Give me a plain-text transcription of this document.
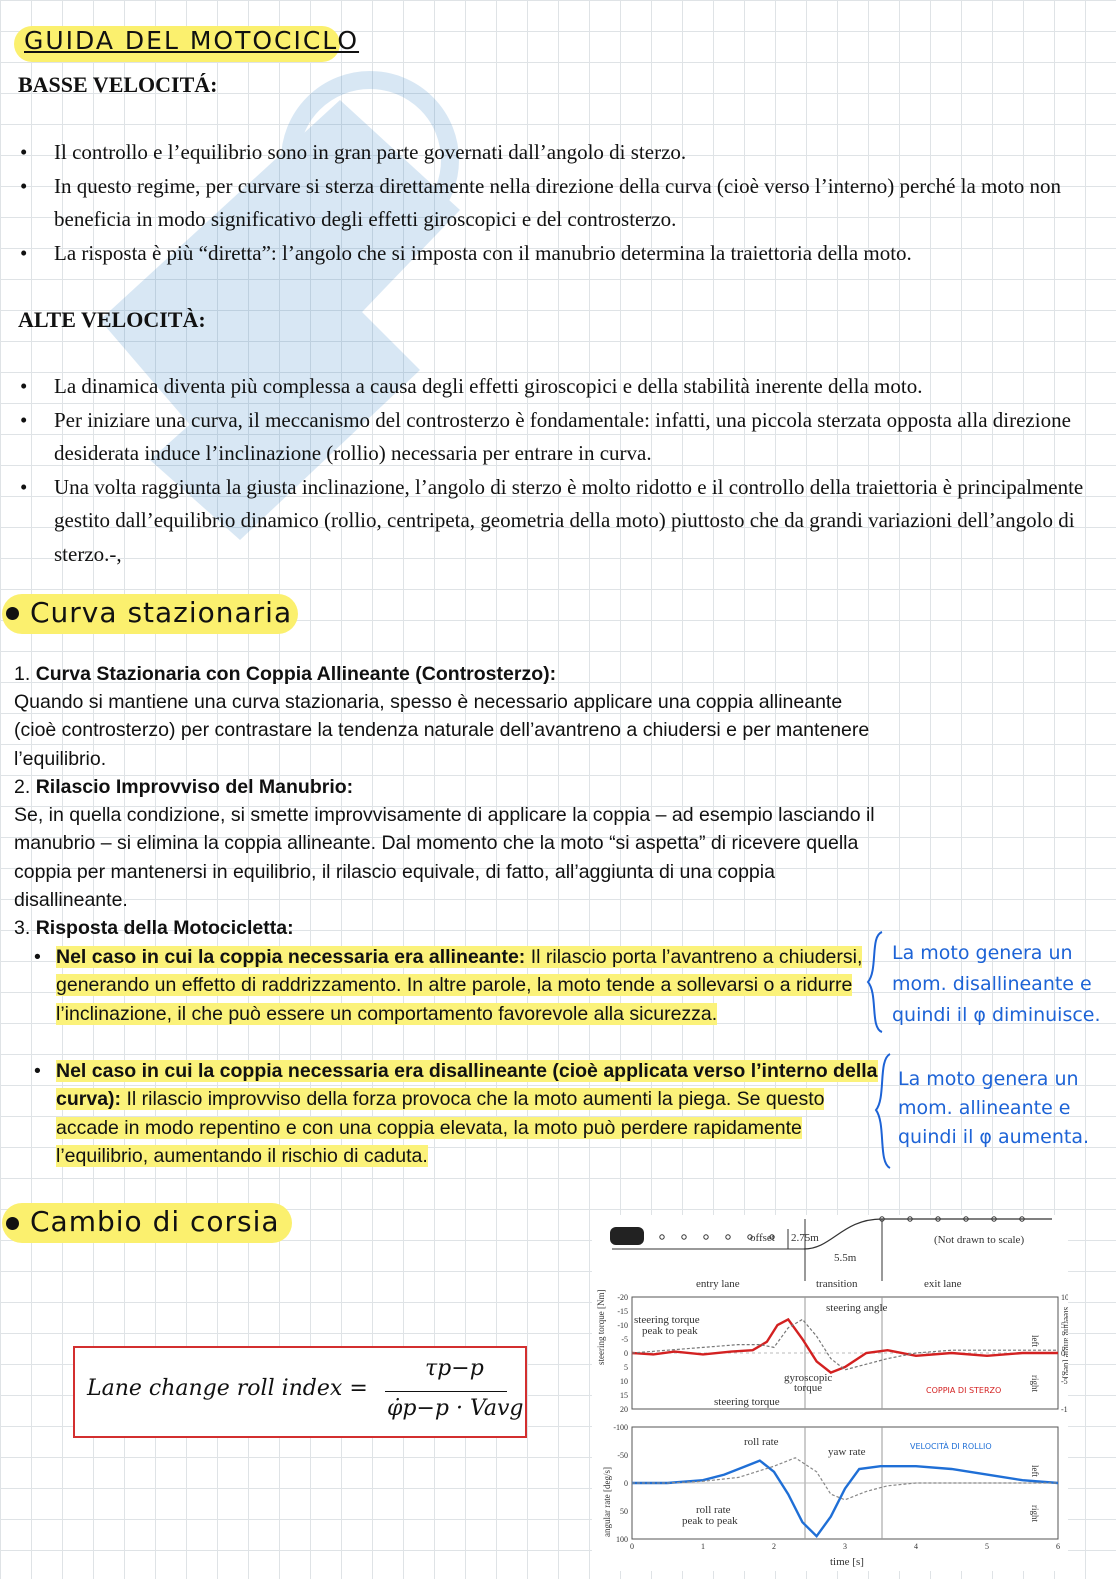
GUIDA DEL MOTOCICLO
BASSE VELOCITÁ:
• Il controllo e l’equilibrio sono in gran parte governati dall’angolo di sterzo.
• In questo regime, per curvare si sterza direttamente nella direzione della curva (cioè verso l’interno) perché la moto non beneficia in modo significativo degli effetti giroscopici e del controsterzo.
• La risposta è più “diretta”: l’angolo che si imposta con il manubrio determina la traiettoria della moto.
ALTE VELOCITÀ:
• La dinamica diventa più complessa a causa degli effetti giroscopici e della stabilità inerente della moto.
• Per iniziare una curva, il meccanismo del controsterzo è fondamentale: infatti, una piccola sterzata opposta alla direzione desiderata induce l’inclinazione (rollio) necessaria per entrare in curva.
• Una volta raggiunta la giusta inclinazione, l’angolo di sterzo è molto ridotto e il controllo della traiettoria è principalmente gestito dall’equilibrio dinamico (rollio, centripeta, geometria della moto) piuttosto che da grandi variazioni dell’angolo di sterzo.-,
Curva stazionaria
1. Curva Stazionaria con Coppia Allineante (Controsterzo):
Quando si mantiene una curva stazionaria, spesso è necessario applicare una coppia allineante (cioè controsterzo) per contrastare la tendenza naturale dell’avantreno a chiudersi e per mantenere l’equilibrio.
2. Rilascio Improvviso del Manubrio:
Se, in quella condizione, si smette improvvisamente di applicare la coppia – ad esempio lasciando il manubrio – si elimina la coppia allineante. Dal momento che la moto “si aspetta” di ricevere quella coppia per mantenersi in equilibrio, il rilascio equivale, di fatto, all’aggiunta di una coppia disallineante.
3. Risposta della Motocicletta:
• Nel caso in cui la coppia necessaria era allineante: Il rilascio porta l’avantreno a chiudersi, generando un effetto di raddrizzamento. In altre parole, la moto tende a sollevarsi o a ridurre l’inclinazione, il che può essere un comportamento favorevole alla sicurezza.
• Nel caso in cui la coppia necessaria era disallineante (cioè applicata verso l’interno della curva): Il rilascio improvviso della forza provoca che la moto aumenti la piega. Se questo accade in modo repentino e con una coppia elevata, la moto può perdere rapidamente l’equilibrio, aumentando il rischio di caduta.
La moto genera un
mom. disallineante e
quindi il φ diminuisce.
La moto genera un
mom. allineante e
quindi il φ aumenta.
Cambio di corsia
Lane change roll index =
τp−p
φ̇p−p · Vavg
offset 2.75m
5.5m
(Not drawn to scale)
entry lane	transition	exit lane
-20
-15
-10
-5
0
5
10
15
20
10
5
0
-5
-1
steering torque [Nm]	steering angle [deg]
steering torque
peak to peak
steering angle
gyroscopic
torque
steering torque
COPPIA DI STERZO
left
right
-100
-50
0
50
100
0	1	2	3	4	5	6
time [s]
angular rate [deg/s]
roll rate
yaw rate
roll rate
peak to peak
VELOCITÀ DI ROLLIO
left
right
